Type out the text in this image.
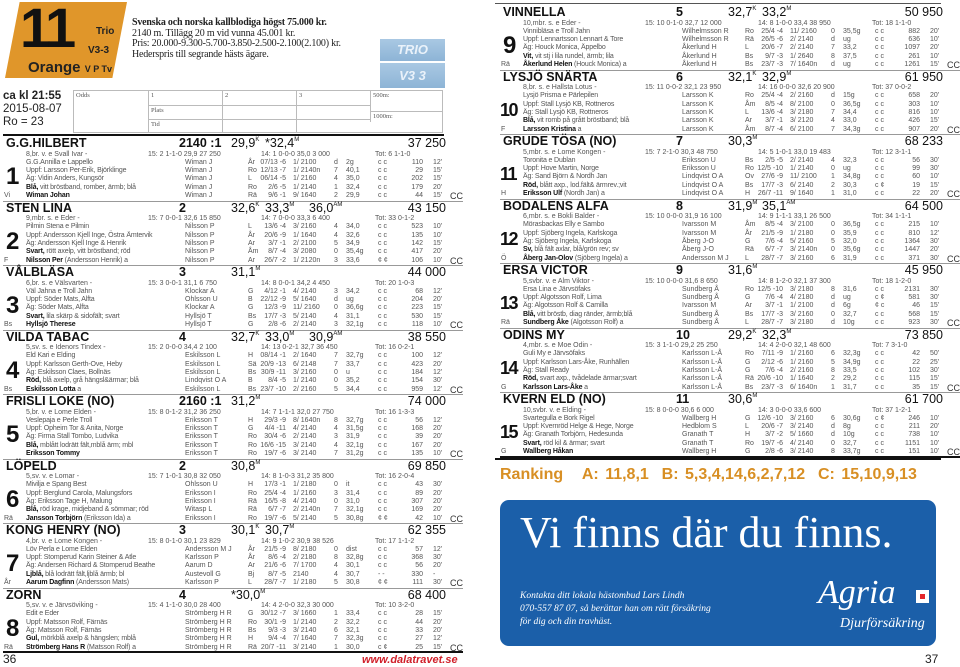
11 Trio
V3-3
Orange V P Tv
Svenska och norska kallblodiga högst 75.000 kr.
2140 m. Tillägg 20 m vid vunna 45.001 kr.
Pris: 20.000-9.300-5.700-3.850-2.500-2.100(2.100) kr.
Hederspris till segrande hästs ägare.	TRIO
V3 3
ca kl 21:55
2015-08-07
Ro = 23
Odds	1	2	3
Plats
Tid
500m:
1000m:
G.G.HILBERT	2140 :1 $29,9^K$ $*32,4^M$	37 250
8,br. v. e Svall Ivar -	15: 2 1-1-0 29,9 27 250	14: 1 0-0-0 35,0 3 000	Tot: 6 1-1-0
G.G.Annilla e Lappello	Wiman J	År 07/13 -6 1/ 2100	d 2g	c c	110 12'
Uppf: Larsson Per-Erik, Björklinge	Wiman J	Ro 12/13 -7 1/ 2140n 7 40,1	c c	29 15'
Äg: Vidin Anders, Kungsör	Wiman J	L	06/14 -5 1/ 2160	4 35,0	c c	202 15'
Blå, vitt bröstband, romber, ärmb; blå	Wiman J	Ro	2/6 -5 1/ 2140	1 32,4	c c	179 20'
Wiman Johan	Wiman J	Rä	9/6 -1 9/ 1640	2 29,9	c c	44 15'
1
Vi	CC
STEN LINA	2	$32,6^K$ $33,3^M$ $36,0^{AM}$	43 150
9,mbr. s. e Eder -	15: 7 0-0-1 32,6 15 850	14: 7 0-0-0 33,3 6 400	Tot: 33 0-1-2
Pilmin Stena e Pilmin	Nilsson P	L	13/6 -4 3/ 2160	4 34,0	c c	523 10'
Uppf: Andersson Kjell Inge, Östra Ämtervik	Nilsson P	År	20/6 -9 1/ 1640	4 32,6	c c	135 10'
Äg: Andersson Kjell Inge & Henrik	Nilsson P	Ar	3/7 -1 2/ 2100	5 34,9	c c	142 15'
Svart, rött axelp, vitt bröstband; röd	Nilsson P	Åm	8/7 -4 3/ 2080	0 35,4g c c	417 20'
Nilsson Per (Andersson Henrik) a	Nilsson P	Ar	26/7 -2 1/ 2120n 3 33,6	¢ ¢	106 10'
2
F	CC
VÅLBLÄSA	3	$31,1^M$	44 000
6,br. s. e Välsvarten -	15: 3 0-0-1 31,1 6 750	14: 8 0-0-1 34,2 4 450	Tot: 20 1-0-3
Väl Jahna e Troll Jahn	Klockar A	G	4/12 -1 4/ 2140	3 34,2	c c	68 12'
Uppf: Söder Mats, Alfta	Ohlsson U	B	22/12 -9 5/ 1640	d ug	c c	204 20'
Äg: Söder Mats, Alfta	Klockar A	G	12/3 -9 11/ 2160 0 36,6g c c	223 15'
Svart, lila skärp & sidofält; svart	Hyllsjö T	Bs	17/7 -3 5/ 2140	4 31,1	c c	530 15'
Hyllsjö Therese	Hyllsjö T	G	2/8 -6 2/ 2140	3 32,1g c c	118 10'
3
Bs	CC
VILDA TABAC	4	$32,7^K$ $33,0^M$ $30,9^{AM}$	38 550
5,sv. s. e Idenors Tindex -	15: 2 0-0-0 34,4 2 100	14: 13 0-2-1 32,7 36 450	Tot: 16 0-2-1
Eld Kari e Elding	Eskilsson L	H	08/14 -1 2/ 1640	7 32,7g c c	100 12'
Uppf: Karlsson Gerth-Ove, Heby	Eskilsson L	Sä 20/9 -13 6/ 2148	7 33,7	c c	423 20'
Äg: Eskilsson Claes, Bollnäs	Eskilsson L	Bs 30/9 -11 3/ 2160	0 u	c c	184 12'
Röd, blå axelp, grå hängsl&ärmar; blå	Lindqvist O A	B	8/4 -5 1/ 2140	0 35,2	c c	154 30'
Eskilsson Lotta a	Eskilsson L	Bs 23/7 -10 2/ 2160	5 34,4	c c	959 12'
4
Bs	CC
FRISLI LOKE (NO)	2160 :1 $31,2^M$	74 000
5,br. v. e Lome Elden -	15: 8 0-1-2 31,2 36 250	14: 7 1-1-1 32,0 27 750	Tot: 16 1-3-3
Veslepaja e Perle Troll	Eriksson T	H	29/3 -9 8/ 1640n 8 32,7g c c	56 12'
Uppf: Opheim Tor & Anita, Norge	Eriksson T	G	4/4 -11 4/ 2140	4 31,5g c c	168 20'
Äg: Firma Stall Tombo, Ludvika	Eriksson T	Ro	30/4 -6 2/ 2140	3 31,9	c c	39 20'
Blå, mblått lodrätt fält,mblå ärm; mbl	Eriksson T	Ro 16/6 -15 3/ 2140	4 32,1g c c	167 20'
Eriksson Tommy	Eriksson T	Ro	19/7 -6 3/ 2140	7 31,2g c c	135 10'
5
CC
LÖPELD	2	$30,8^M$	69 850
5,sv. v. e Lomar -	15: 7 1-0-1 30,8 32 050	14: 8 1-0-3 31,2 35 800	Tot: 16 2-0-4
Mivilja e Spang Best	Ohlsson U	H	17/3 -1 1/ 2180	0 it	c c	43 30'
Uppf: Berglund Carola, Malungsfors	Eriksson I	Ro	25/4 -4 1/ 2160	3 31,4	c c	89 20'
Äg: Eriksson Tage H, Malung	Eriksson I	Rä	16/5 -8 4/ 2140	0 31,0	c c	307 20'
Blå, röd krage, midjeband & sömmar; röd	Witasp L	Rä	6/7 -7 2/ 2140n 7 32,1g c c	169 20'
Jansson Torbjörn (Eriksson Ida) a	Eriksson I	Ro	19/7 -6 5/ 2140	5 30,8g ¢ ¢	42 10'
6
Rä	CC
KONG HENRY (NO)	3	$30,1^K$ $30,7^M$	62 355
4,br. v. e Lome Kongen -	15: 8 0-1-0 30,1 23 829	14: 9 1-0-2 30,9 38 526	Tot: 17 1-1-2
Löv Perla e Lome Elden	Andersson M J År	21/5 -9 8/ 2180	0 dist	c c	57 12'
Uppf: Stomperud Karin Steiner & Atle	Karlsson P	År	8/6 -4 2/ 2180	8 32,8g c c	368 30'
Äg: Andersen Richard & Stomperud Beathe	Aarum D	Ar	21/6 -6 7/ 1700	4 30,1	c c	56 20'
Ljblå, blå lodrätt fält,ljblå ärmb; bl	Austevoll G	Bj	8/7 -5 2140	4 30,7	- -	330 -
Aarum Dagfinn (Andersson Mats)	Karlsson P	L	28/7 -7 1/ 2180	5 30,8	¢ ¢	111 30'
7
År	CC
ZORN	4	$*30,0^M$	68 400
5,sv. v. e Järvsöviking -	15: 4 1-1-0 30,0 28 400	14: 4 2-0-0 32,3 30 000	Tot: 10 3-2-0
Edit e Eder	Strömberg H R G 30/12 -7 3/ 1660	1 33,4	c c	28 15'
Uppf: Matsson Rolf, Färnäs	Strömberg H R Ro	30/1 -9 1/ 2140	2 32,2	c c	44 20'
Äg: Matsson Rolf, Färnäs	Strömberg H R Bs	9/3 -3 3/ 2140	6 32,1	c c	33 20'
Gul, mörkblå axelp & hängslen; mblå	Strömberg H R H	9/4 -4 7/ 1640	7 32,3g c c	27 12'
Strömberg Hans R (Matsson Rolf) a	Strömberg H R Rä 20/7 -11 3/ 2140	1 30,0	c ¢	25 15'
8
Rä	CC
VINNELLA	5	$32,7^K$ $33,2^M$	50 950
10,mbr. s. e Eder -	15: 10 0-1-0 32,7 12 000	14: 8 1-0-0 33,4 38 950	Tot: 18 1-1-0
Vinnibläsa e Troll Jahn	Wilhelmsson R Ro	25/4 -4 11/ 2160 0 35,5g c c	882 20'
Uppf: Lennartsson Lennart & Tore	Wilhelmsson R Rä	26/5 -6 2/ 2140	d ug	c c	636 10'
Äg: Houck Monica, Äppelbo	Åkerlund H	L	20/6 -7 2/ 2140	7 33,2	c c	1097 20'
Vit, vit stj i lila rundel, ärmb; lila	Åkerlund H	Bs	9/7 -3 1/ 2640	8 37,5	c c	261 10'
Åkerlund Helen (Houck Monica) a	Åkerlund H	Bs	23/7 -3 7/ 1640n d ug	c c	1261 15'
9
Rä	CC
LYSJÖ SNÄRTA	6	$32,1^K$ $32,9^M$	61 950
8,br. s. e Hallsta Lotus -	15: 11 0-0-2 32,1 23 950	14: 16 0-0-0 32,6 20 900	Tot: 37 0-0-2
Lysjö Prisma e Pärlepilen	Larsson K	Ro	25/4 -4 2/ 2160	d 15g	c c	658 20'
Uppf: Stall Lysjö KB, Rottneros	Larsson K	Åm	8/5 -4 8/ 2100	0 36,5g c c	303 10'
Äg: Stall Lysjö KB, Rottneros	Larsson K	L	13/6 -4 3/ 2180	7 34,4	c c	816 10'
Blå, vit romb på grått bröstband; blå	Larsson K	Ar	3/7 -1 3/ 2120	4 33,0	c c	426 15'
Larsson Kristina a	Larsson K	Åm	8/7 -4 6/ 2100	7 34,3g c c	907 20'
10
F	CC
GRUDE TÖSA (NO)	7	$30,3^M$	68 233
5,mbr. s. e Lome Kongen -	15: 7 2-1-0 30,3 48 750	14: 5 1-0-1 33,0 19 483	Tot: 12 3-1-1
Toronita e Dublan	Eriksson U	Bs	2/5 -5 2/ 2140	4 32,3	c c	56 30'
Uppf: Hove Martin, Norge	Eriksson U	Ro 12/5 -10 1/ 2140	0 ug	c c	99 30'
Äg: Sand Björn & Nordh Jan	Lindqvist O A	Ov	27/6 -9 11/ 2100 1 34,8g c c	60 10'
Röd, blått axp., lod.fält& ärmrev.;vit	Lindqvist O A	Bs	17/7 -3 6/ 2140	2 30,3	c ¢	19 15'
Eriksson Ulf (Nordh Jan) a	Lindqvist O A	H	26/7 -11 9/ 1640	1 31,0	c c	22 20'
11
H	CC
BODALENS ALFA	8	$31,9^M$ $35,1^{AM}$	64 500
6,mbr. s. e Bokli Balder -	15: 10 0-0-0 31,9 16 100	14: 9 1-1-1 33,1 26 500	Tot: 34 1-1-1
Mörasbackas Elly e Sambo	Ivarsson M	Åm	8/5 -4 3/ 2100	0 36,5g c c	215 10'
Uppf: Sjöberg Ingela, Karlskoga	Ivarsson M	År	21/5 -9 1/ 2180	0 35,9	c c	810 12'
Äg: Sjöberg Ingela, Karlskoga	Åberg J-O	G	7/6 -4 5/ 2160	5 32,0	c c	1364 30'
Sv, blå fält axlar, blå/grön rev; sv	Åberg J-O	Rä	6/7 -7 3/ 2140n 0 35,6g c c	1447 20'
Åberg Jan-Olov (Sjöberg Ingela) a	Andersson M J L	28/7 -7 3/ 2160	6 31,9	c c	371 30'
12
Ö	CC
ERSA VICTOR	9	$31,6^M$	45 950
5,svbr. v. e Alm Viktor -	15: 10 0-0-0 31,6 8 650	14: 8 1-2-0 32,1 37 300	Tot: 18 1-2-0
Ersa Lina e Järvsöfaks	Sundberg Å	Ro 12/5 -10 3/ 2180	8 31,6	c c	2131 30'
Uppf: Algotsson Rolf, Lima	Sundberg Å	G	7/6 -4 4/ 2180	d ug	c ¢	581 30'
Äg: Algotsson Rolf & Camilla	Ivarsson M	Ar	3/7 -1 1/ 2100	d 6g	¢ c	46 15'
Blå, vitt bröstb, diag ränder, ärmb;blå	Sundberg Å	Bs	17/7 -3 3/ 2160	0 32,7	c c	568 15'
Sundberg Åke (Algotsson Rolf) a	Sundberg Å	L	28/7 -7 3/ 2180	d 10g	c c	923 30'
13
Rä	CC
ODINS MY	10	$29,2^K$ $32,3^M$	73 850
4,mbr. s. e Moe Odin -	15: 3 1-1-0 29,2 25 250	14: 4 2-0-0 32,1 48 600	Tot: 7 3-1-0
Guli My e Järvsöfaks	Karlsson L-Å	Ro	7/11 -9 1/ 2160	6 32,3g c c	42 50'
Uppf: Karlsson Lars-Åke, Runhällen	Karlsson L-Å	G	2/12 -6 1/ 2160	5 34,9g c c	22 25'
Äg: Stall Ready	Karlsson L-Å	G	7/6 -4 2/ 2160	8 33,5	c c	102 30'
Röd, svart axp., tvådelade ärmar;svart	Karlsson L-Å	Rä 20/6 -10 1/ 1640	2 29,2	c c	115 15'
Karlsson Lars-Åke a	Karlsson L-Å	Bs	23/7 -3 6/ 1640n 1 31,7	c c	35 15'
14
G	CC
KVERN ELD (NO)	11	$30,6^M$	61 700
10,svbr. v. e Elding -	15: 8 0-0-0 30,6 6 000	14: 3 0-0-0 33,6 600	Tot: 37 1-2-1
Svartegulla e Bork Rigel	Wallberg H	G 12/6 -10 3/ 2160	6 30,6g c ¢	246 10'
Uppf: Kvernröd Helge & Hege, Norge	Hedblom S	L	20/6 -7 3/ 2140	d 8g	c c	211 20'
Äg: Granath Torbjörn, Hedesunda	Granath T	H	3/7 -2 5/ 1660	d 10g	c c	738 10'
Svart, röd kil & ärmar; svart	Granath T	Ro	19/7 -6 4/ 2140	0 32,7	c c	1151 10'
Wallberg Håkan	Wallberg H	G	2/8 -6 3/ 2140	8 33,7g c c	151 10'
15
G	CC
Ranking   A: 11,8,1  B: 5,3,4,14,6,2,7,12  C: 15,10,9,13
Vi finns där du finns.
Kontakta ditt lokala hästombud Lars Lindh
070-557 87 07, så berättar han om rätt försäkring
för dig och din travhäst.
Agria
Djurförsäkring
36	www.dalatravet.se	37
